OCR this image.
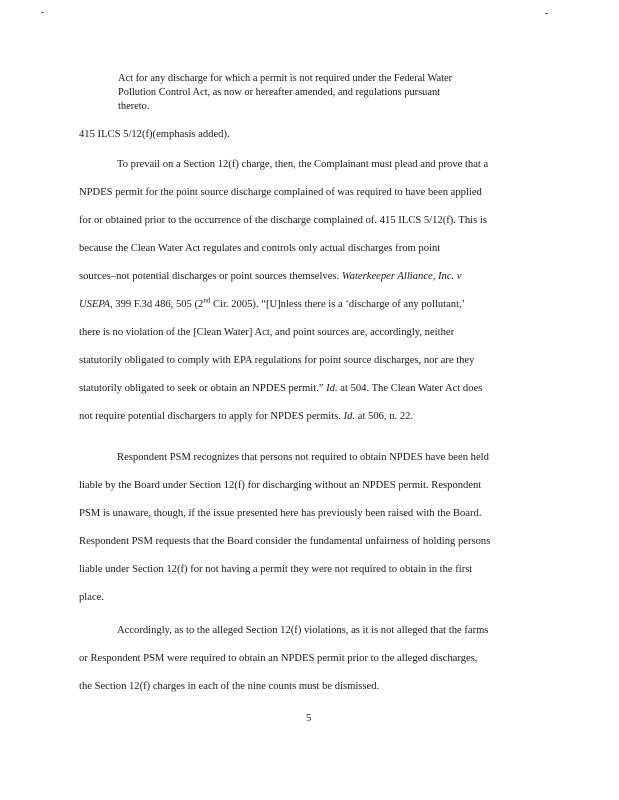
Act for any discharge for which a permit is not required under the Federal Water
Pollution Control Act, as now or hereafter amended, and regulations pursuant
thereto.
415 ILCS 5/12(f)(emphasis added).
To prevail on a Section 12(f) charge, then, the Complainant must plead and prove that a
NPDES permit for the point source discharge complained of was required to have been applied
for or obtained prior to the occurrence of the discharge complained of. 415 ILCS 5/12(f). This is
because the Clean Water Act regulates and controls only actual discharges from point
sources–not potential discharges or point sources themselves. Waterkeeper Alliance, Inc. v
USEPA, 399 F.3d 486, 505 (2nd Cir. 2005). “[U]nless there is a ‘discharge of any pollutant,’
there is no violation of the [Clean Water] Act, and point sources are, accordingly, neither
statutorily obligated to comply with EPA regulations for point source discharges, nor are they
statutorily obligated to seek or obtain an NPDES permit.” Id. at 504. The Clean Water Act does
not require potential dischargers to apply for NPDES permits. Id. at 506, n. 22.
Respondent PSM recognizes that persons not required to obtain NPDES have been held
liable by the Board under Section 12(f) for discharging without an NPDES permit. Respondent
PSM is unaware, though, if the issue presented here has previously been raised with the Board.
Respondent PSM requests that the Board consider the fundamental unfairness of holding persons
liable under Section 12(f) for not having a permit they were not required to obtain in the first
place.
Accordingly, as to the alleged Section 12(f) violations, as it is not alleged that the farms
or Respondent PSM were required to obtain an NPDES permit prior to the alleged discharges,
the Section 12(f) charges in each of the nine counts must be dismissed.
5
